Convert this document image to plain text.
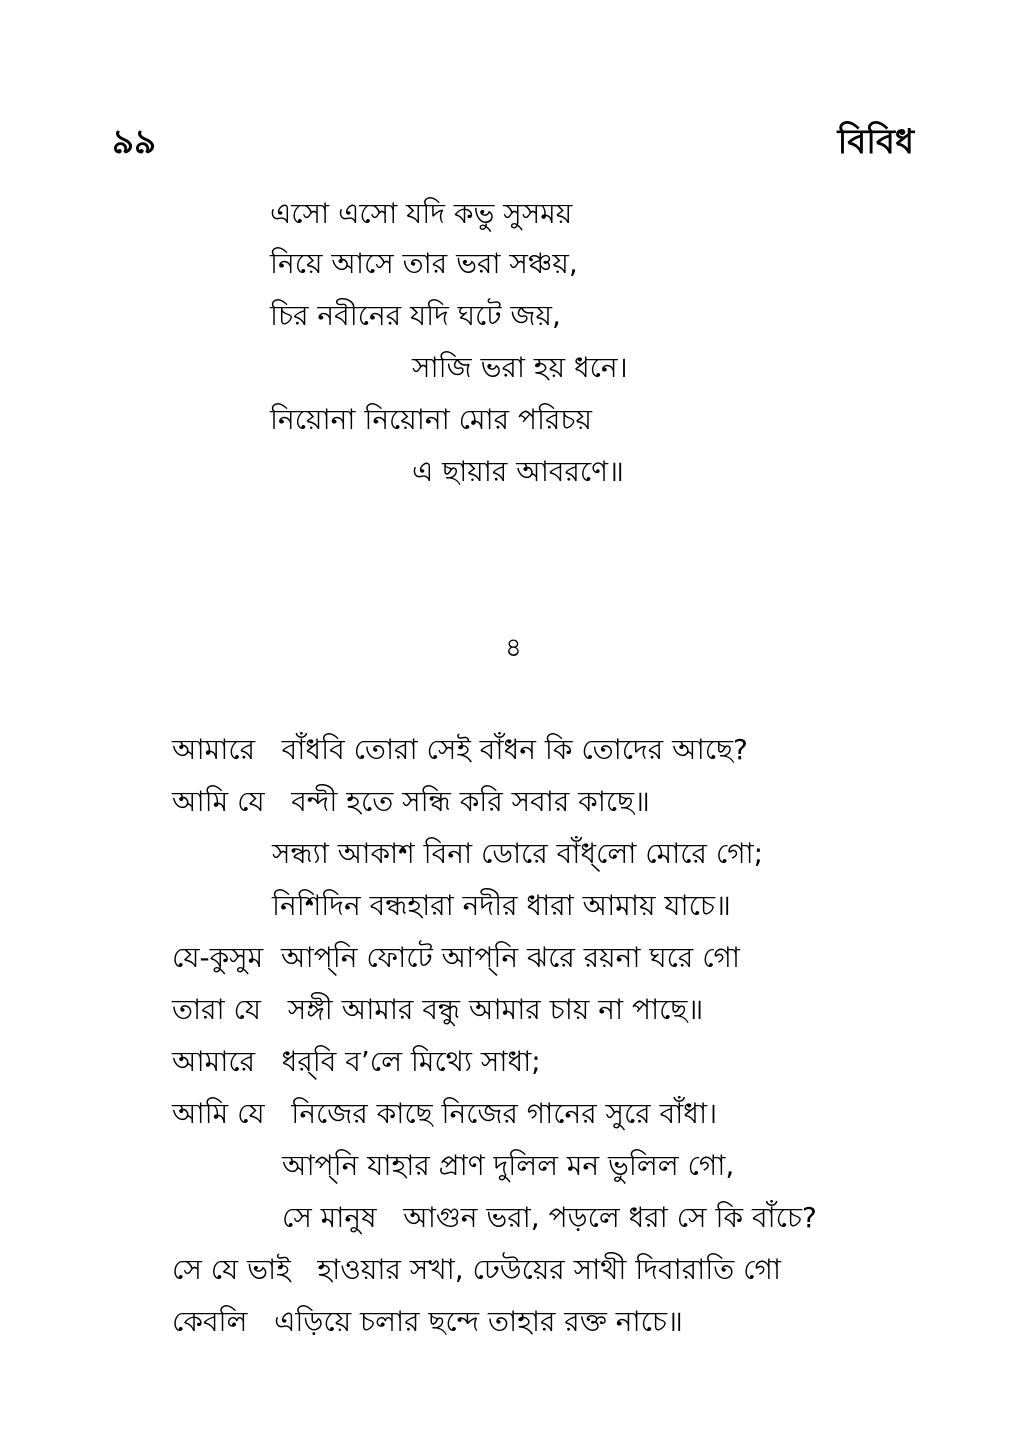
৯৯	বিবিধ
এসো এসো যদি কভু সুসময়
নিয়ে আসে তার ভরা সঞ্চয়,
চির নবীনের যদি ঘটে জয়,
সাজি ভরা হয় ধনে।
নিয়োনা নিয়োনা মোর পরিচয়
এ ছায়ার আবরণে॥
৪
আমারে   বাঁধবি তোরা সেই বাঁধন কি তোদের আছে?
আমি যে   বন্দী হতে সন্ধি করি সবার কাছে॥
সন্ধ্যা আকাশ বিনা ডোরে বাঁধ্‌লো মোরে গো;
নিশিদিন বন্ধহারা নদীর ধারা আমায় যাচে॥
যে-কুসুম  আপ্‌নি ফোটে আপ্‌নি ঝরে রয়না ঘরে গো
তারা যে   সঙ্গী আমার বন্ধু আমার চায় না পাছে॥
আমারে   ধর্‌বি ব’লে মিথ্যে সাধা;
আমি যে   নিজের কাছে নিজের গানের সুরে বাঁধা।
আপ্‌নি যাহার প্রাণ দুলিল মন ভুলিল গো,
সে মানুষ   আগুন ভরা, পড়লে ধরা সে কি বাঁচে?
সে যে ভাই   হাওয়ার সখা, ঢেউয়ের সাথী দিবারাতি গো
কেবলি   এড়িয়ে চলার ছন্দে তাহার রক্ত নাচে॥
